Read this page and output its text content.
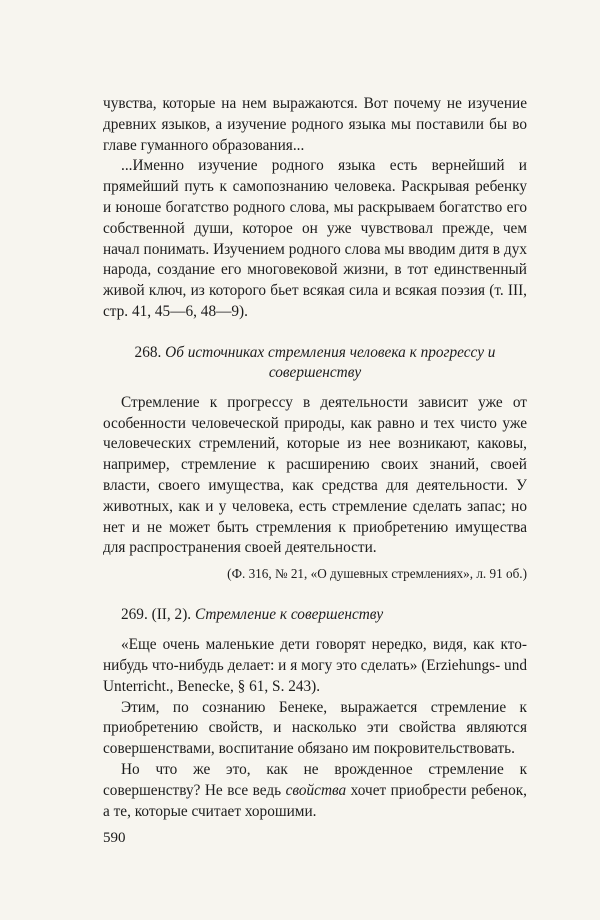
чувства, которые на нем выражаются. Вот почему не изучение древних языков, а изучение родного языка мы поставили бы во главе гуманного образования...

...Именно изучение родного языка есть вернейший и прямейший путь к самопознанию человека. Раскрывая ребенку и юноше богатство родного слова, мы раскрываем богатство его собственной души, которое он уже чувствовал прежде, чем начал понимать. Изучением родного слова мы вводим дитя в дух народа, создание его многовековой жизни, в тот единственный живой ключ, из которого бьет всякая сила и всякая поэзия (т. III, стр. 41, 45—6, 48—9).

268. Об источниках стремления человека к прогрессу и совершенству

Стремление к прогрессу в деятельности зависит уже от особенности человеческой природы, как равно и тех чисто уже человеческих стремлений, которые из нее возникают, каковы, например, стремление к расширению своих знаний, своей власти, своего имущества, как средства для деятельности. У животных, как и у человека, есть стремление сделать запас; но нет и не может быть стремления к приобретению имущества для распространения своей деятельности.

(Ф. 316, № 21, «О душевных стремлениях», л. 91 об.)

269. (II, 2). Стремление к совершенству

«Еще очень маленькие дети говорят нередко, видя, как кто-нибудь что-нибудь делает: и я могу это сделать» (Erziehungs- und Unterricht., Benecke, § 61, S. 243).

Этим, по сознанию Бенеке, выражается стремление к приобретению свойств, и насколько эти свойства являются совершенствами, воспитание обязано им покровительствовать.

Но что же это, как не врожденное стремление к совершенству? Не все ведь свойства хочет приобрести ребенок, а те, которые считает хорошими.

590
